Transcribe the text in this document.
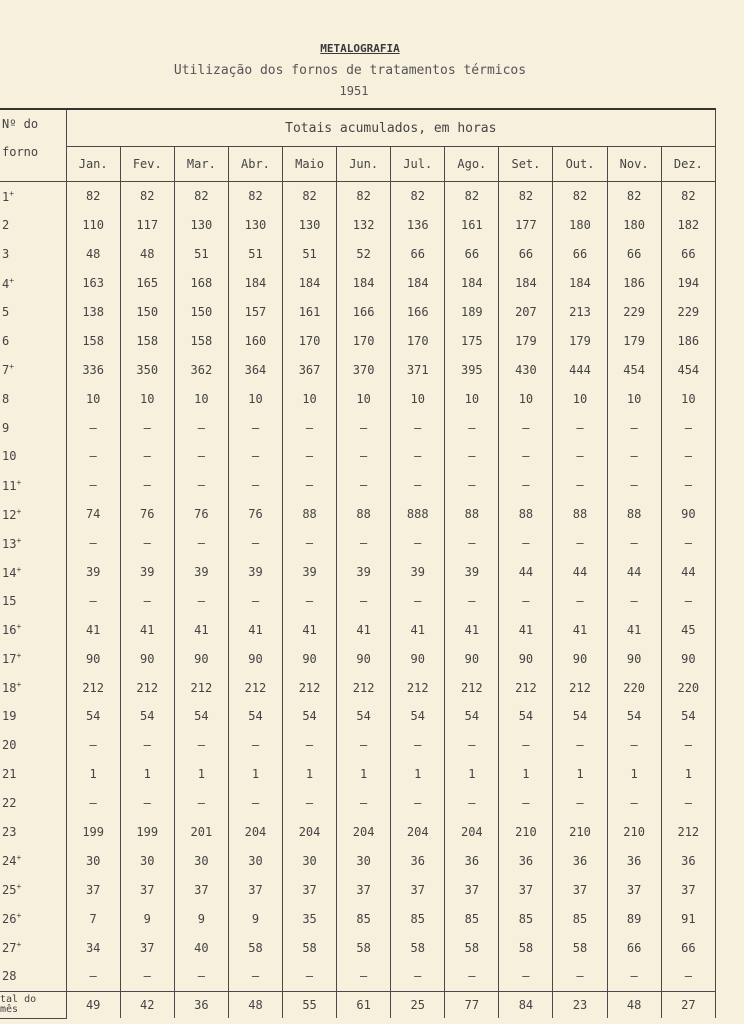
METALOGRAFIA
Utilização dos fornos de tratamentos térmicos
1951
Nº do forno	Totais acumulados, em horas											
	Jan.	Fev.	Mar.	Abr.	Maio	Jun.	Jul.	Ago.	Set.	Out.	Nov.	Dez.
1+	82	82	82	82	82	82	82	82	82	82	82	82
2	110	117	130	130	130	132	136	161	177	180	180	182
3	48	48	51	51	51	52	66	66	66	66	66	66
4+	163	165	168	184	184	184	184	184	184	184	186	194
5	138	150	150	157	161	166	166	189	207	213	229	229
6	158	158	158	160	170	170	170	175	179	179	179	186
7+	336	350	362	364	367	370	371	395	430	444	454	454
8	10	10	10	10	10	10	10	10	10	10	10	10
9	—	—	—	—	—	—	—	—	—	—	—	—
10	—	—	—	—	—	—	—	—	—	—	—	—
11+	—	—	—	—	—	—	—	—	—	—	—	—
12+	74	76	76	76	88	88	888	88	88	88	88	90
13+	—	—	—	—	—	—	—	—	—	—	—	—
14+	39	39	39	39	39	39	39	39	44	44	44	44
15	—	—	—	—	—	—	—	—	—	—	—	—
16+	41	41	41	41	41	41	41	41	41	41	41	45
17+	90	90	90	90	90	90	90	90	90	90	90	90
18+	212	212	212	212	212	212	212	212	212	212	220	220
19	54	54	54	54	54	54	54	54	54	54	54	54
20	—	—	—	—	—	—	—	—	—	—	—	—
21	1	1	1	1	1	1	1	1	1	1	1	1
22	—	—	—	—	—	—	—	—	—	—	—	—
23	199	199	201	204	204	204	204	204	210	210	210	212
24+	30	30	30	30	30	30	36	36	36	36	36	36
25+	37	37	37	37	37	37	37	37	37	37	37	37
26+	7	9	9	9	35	85	85	85	85	85	89	91
27+	34	37	40	58	58	58	58	58	58	58	66	66
28	—	—	—	—	—	—	—	—	—	—	—	—

tal do
mês	49	42	36	48	55	61	25	77	84	23	48	27
